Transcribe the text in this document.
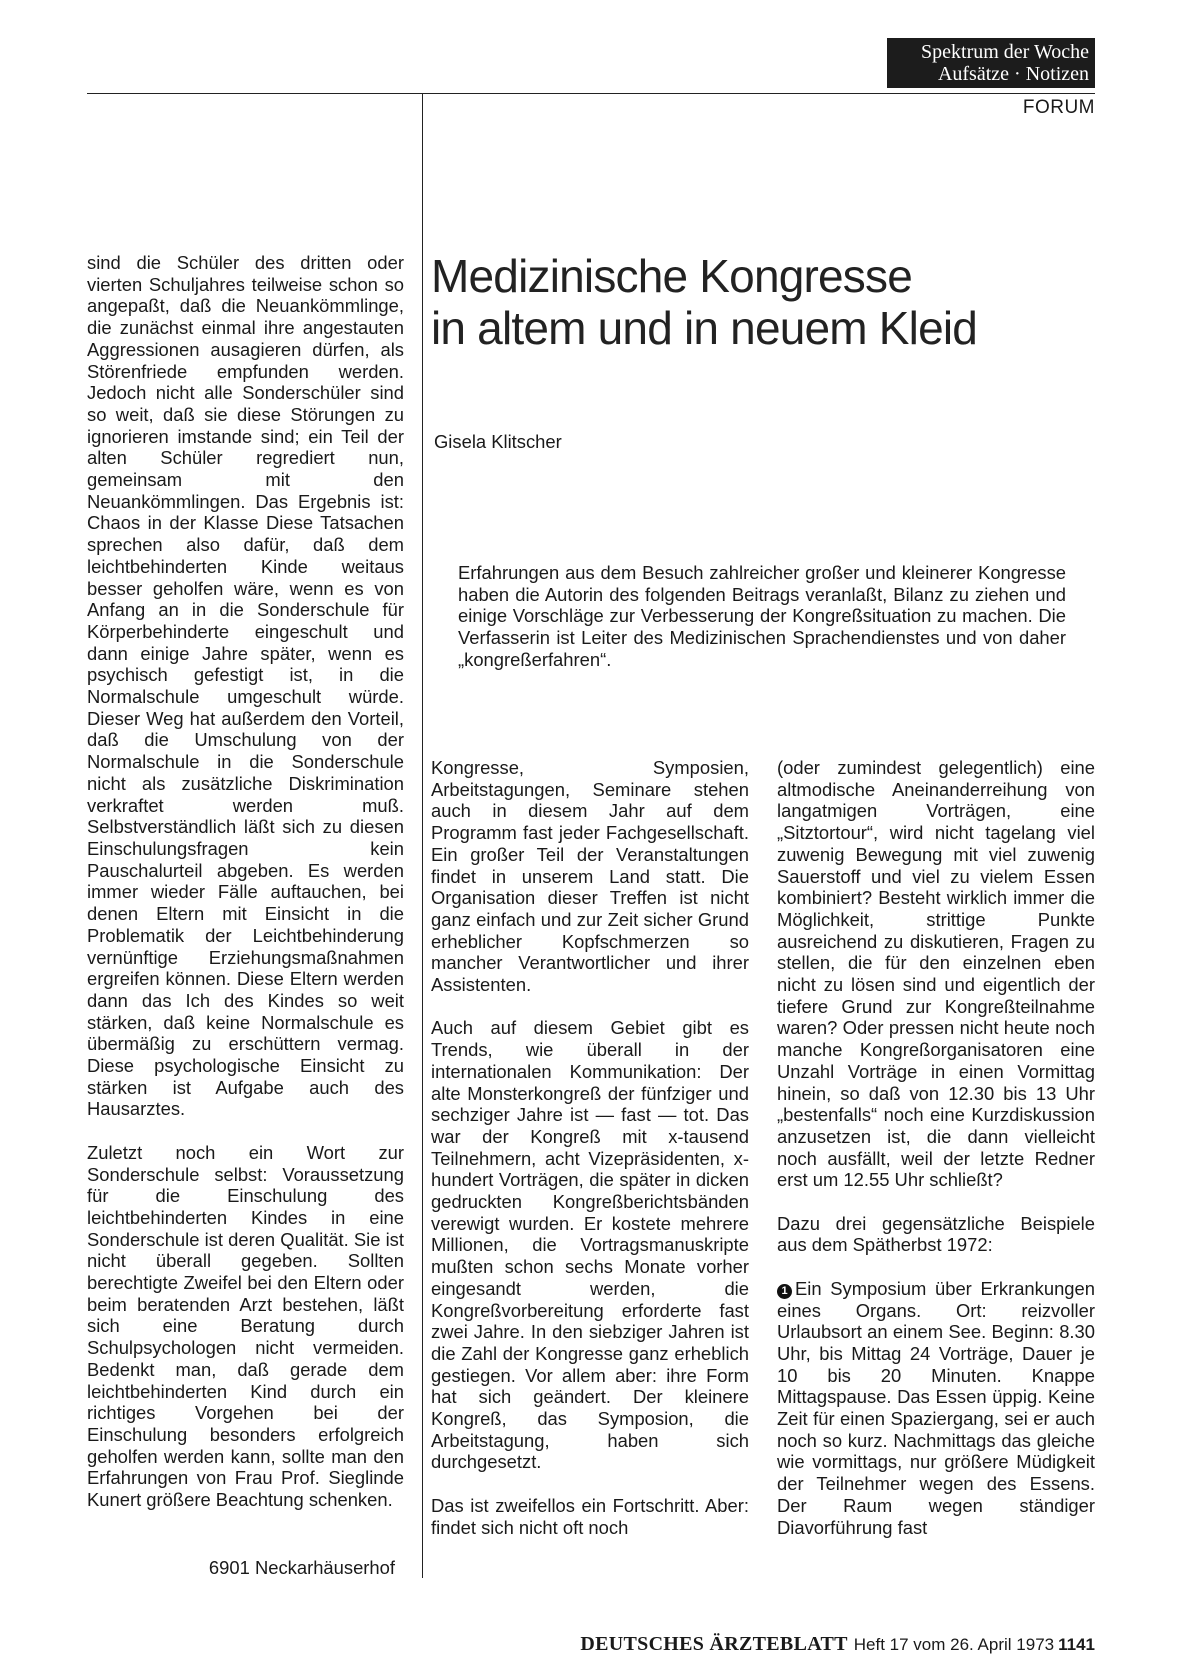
Spektrum der Woche
Aufsätze · Notizen
FORUM

sind die Schüler des dritten oder vierten Schuljahres teilweise schon so angepaßt, daß die Neuankömmlinge, die zunächst einmal ihre angestauten Aggressionen ausagieren dürfen, als Störenfriede empfunden werden. Jedoch nicht alle Sonderschüler sind so weit, daß sie diese Störungen zu ignorieren imstande sind; ein Teil der alten Schüler regrediert nun, gemeinsam mit den Neuankömmlingen. Das Ergebnis ist: Chaos in der Klasse Diese Tatsachen sprechen also dafür, daß dem leichtbehinderten Kinde weitaus besser geholfen wäre, wenn es von Anfang an in die Sonderschule für Körperbehinderte eingeschult und dann einige Jahre später, wenn es psychisch gefestigt ist, in die Normalschule umgeschult würde. Dieser Weg hat außerdem den Vorteil, daß die Umschulung von der Normalschule in die Sonderschule nicht als zusätzliche Diskrimination verkraftet werden muß. Selbstverständlich läßt sich zu diesen Einschulungsfragen kein Pauschalurteil abgeben. Es werden immer wieder Fälle auftauchen, bei denen Eltern mit Einsicht in die Problematik der Leichtbehinderung vernünftige Erziehungsmaßnahmen ergreifen können. Diese Eltern werden dann das Ich des Kindes so weit stärken, daß keine Normalschule es übermäßig zu erschüttern vermag. Diese psychologische Einsicht zu stärken ist Aufgabe auch des Hausarztes.

Zuletzt noch ein Wort zur Sonderschule selbst: Voraussetzung für die Einschulung des leichtbehinderten Kindes in eine Sonderschule ist deren Qualität. Sie ist nicht überall gegeben. Sollten berechtigte Zweifel bei den Eltern oder beim beratenden Arzt bestehen, läßt sich eine Beratung durch Schulpsychologen nicht vermeiden. Bedenkt man, daß gerade dem leichtbehinderten Kind durch ein richtiges Vorgehen bei der Einschulung besonders erfolgreich geholfen werden kann, sollte man den Erfahrungen von Frau Prof. Sieglinde Kunert größere Beachtung schenken.

6901 Neckarhäuserhof
Medizinische Kongresse
in altem und in neuem Kleid
Gisela Klitscher
Erfahrungen aus dem Besuch zahlreicher großer und kleinerer Kongresse haben die Autorin des folgenden Beitrags veranlaßt, Bilanz zu ziehen und einige Vorschläge zur Verbesserung der Kongreßsituation zu machen. Die Verfasserin ist Leiter des Medizinischen Sprachendienstes und von daher „kongreßerfahren“.

Kongresse, Symposien, Arbeitstagungen, Seminare stehen auch in diesem Jahr auf dem Programm fast jeder Fachgesellschaft. Ein großer Teil der Veranstaltungen findet in unserem Land statt. Die Organisation dieser Treffen ist nicht ganz einfach und zur Zeit sicher Grund erheblicher Kopfschmerzen so mancher Verantwortlicher und ihrer Assistenten.

Auch auf diesem Gebiet gibt es Trends, wie überall in der internationalen Kommunikation: Der alte Monsterkongreß der fünfziger und sechziger Jahre ist — fast — tot. Das war der Kongreß mit x-tausend Teilnehmern, acht Vizepräsidenten, x-hundert Vorträgen, die später in dicken gedruckten Kongreßberichtsbänden verewigt wurden. Er kostete mehrere Millionen, die Vortragsmanuskripte mußten schon sechs Monate vorher eingesandt werden, die Kongreßvorbereitung erforderte fast zwei Jahre. In den siebziger Jahren ist die Zahl der Kongresse ganz erheblich gestiegen. Vor allem aber: ihre Form hat sich geändert. Der kleinere Kongreß, das Symposion, die Arbeitstagung, haben sich durchgesetzt.

Das ist zweifellos ein Fortschritt. Aber: findet sich nicht oft noch

(oder zumindest gelegentlich) eine altmodische Aneinanderreihung von langatmigen Vorträgen, eine „Sitztortour“, wird nicht tagelang viel zuwenig Bewegung mit viel zuwenig Sauerstoff und viel zu vielem Essen kombiniert? Besteht wirklich immer die Möglichkeit, strittige Punkte ausreichend zu diskutieren, Fragen zu stellen, die für den einzelnen eben nicht zu lösen sind und eigentlich der tiefere Grund zur Kongreßteilnahme waren? Oder pressen nicht heute noch manche Kongreßorganisatoren eine Unzahl Vorträge in einen Vormittag hinein, so daß von 12.30 bis 13 Uhr „bestenfalls“ noch eine Kurzdiskussion anzusetzen ist, die dann vielleicht noch ausfällt, weil der letzte Redner erst um 12.55 Uhr schließt?

Dazu drei gegensätzliche Beispiele aus dem Spätherbst 1972:

1 Ein Symposium über Erkrankungen eines Organs. Ort: reizvoller Urlaubsort an einem See. Beginn: 8.30 Uhr, bis Mittag 24 Vorträge, Dauer je 10 bis 20 Minuten. Knappe Mittagspause. Das Essen üppig. Keine Zeit für einen Spaziergang, sei er auch noch so kurz. Nachmittags das gleiche wie vormittags, nur größere Müdigkeit der Teilnehmer wegen des Essens. Der Raum wegen ständiger Diavorführung fast

DEUTSCHES ÄRZTEBLATT Heft 17 vom 26. April 1973 1141
